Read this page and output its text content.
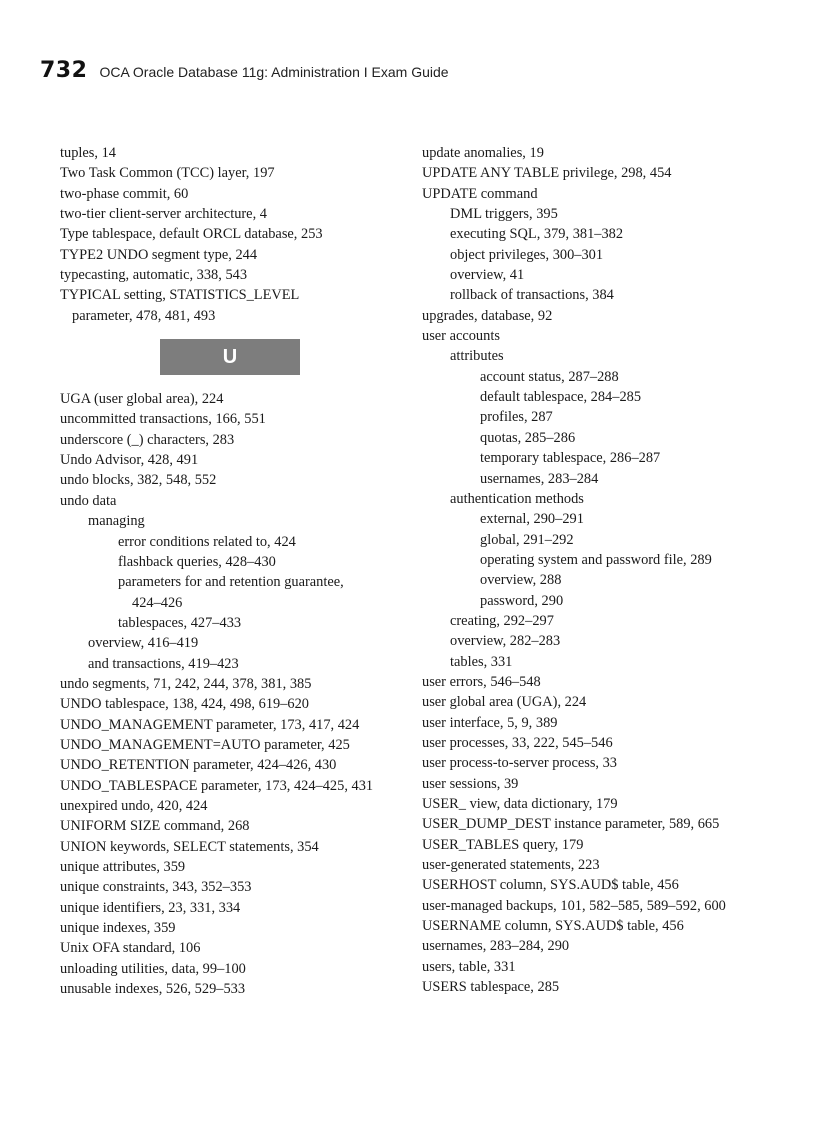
732 OCA Oracle Database 11g: Administration I Exam Guide
tuples, 14
Two Task Common (TCC) layer, 197
two-phase commit, 60
two-tier client-server architecture, 4
Type tablespace, default ORCL database, 253
TYPE2 UNDO segment type, 244
typecasting, automatic, 338, 543
TYPICAL setting, STATISTICS_LEVEL
parameter, 478, 481, 493
U
UGA (user global area), 224
uncommitted transactions, 166, 551
underscore (_) characters, 283
Undo Advisor, 428, 491
undo blocks, 382, 548, 552
undo data
managing
error conditions related to, 424
flashback queries, 428–430
parameters for and retention guarantee,
424–426
tablespaces, 427–433
overview, 416–419
and transactions, 419–423
undo segments, 71, 242, 244, 378, 381, 385
UNDO tablespace, 138, 424, 498, 619–620
UNDO_MANAGEMENT parameter, 173, 417, 424
UNDO_MANAGEMENT=AUTO parameter, 425
UNDO_RETENTION parameter, 424–426, 430
UNDO_TABLESPACE parameter, 173, 424–425, 431
unexpired undo, 420, 424
UNIFORM SIZE command, 268
UNION keywords, SELECT statements, 354
unique attributes, 359
unique constraints, 343, 352–353
unique identifiers, 23, 331, 334
unique indexes, 359
Unix OFA standard, 106
unloading utilities, data, 99–100
unusable indexes, 526, 529–533
update anomalies, 19
UPDATE ANY TABLE privilege, 298, 454
UPDATE command
DML triggers, 395
executing SQL, 379, 381–382
object privileges, 300–301
overview, 41
rollback of transactions, 384
upgrades, database, 92
user accounts
attributes
account status, 287–288
default tablespace, 284–285
profiles, 287
quotas, 285–286
temporary tablespace, 286–287
usernames, 283–284
authentication methods
external, 290–291
global, 291–292
operating system and password file, 289
overview, 288
password, 290
creating, 292–297
overview, 282–283
tables, 331
user errors, 546–548
user global area (UGA), 224
user interface, 5, 9, 389
user processes, 33, 222, 545–546
user process-to-server process, 33
user sessions, 39
USER_ view, data dictionary, 179
USER_DUMP_DEST instance parameter, 589, 665
USER_TABLES query, 179
user-generated statements, 223
USERHOST column, SYS.AUD$ table, 456
user-managed backups, 101, 582–585, 589–592, 600
USERNAME column, SYS.AUD$ table, 456
usernames, 283–284, 290
users, table, 331
USERS tablespace, 285
